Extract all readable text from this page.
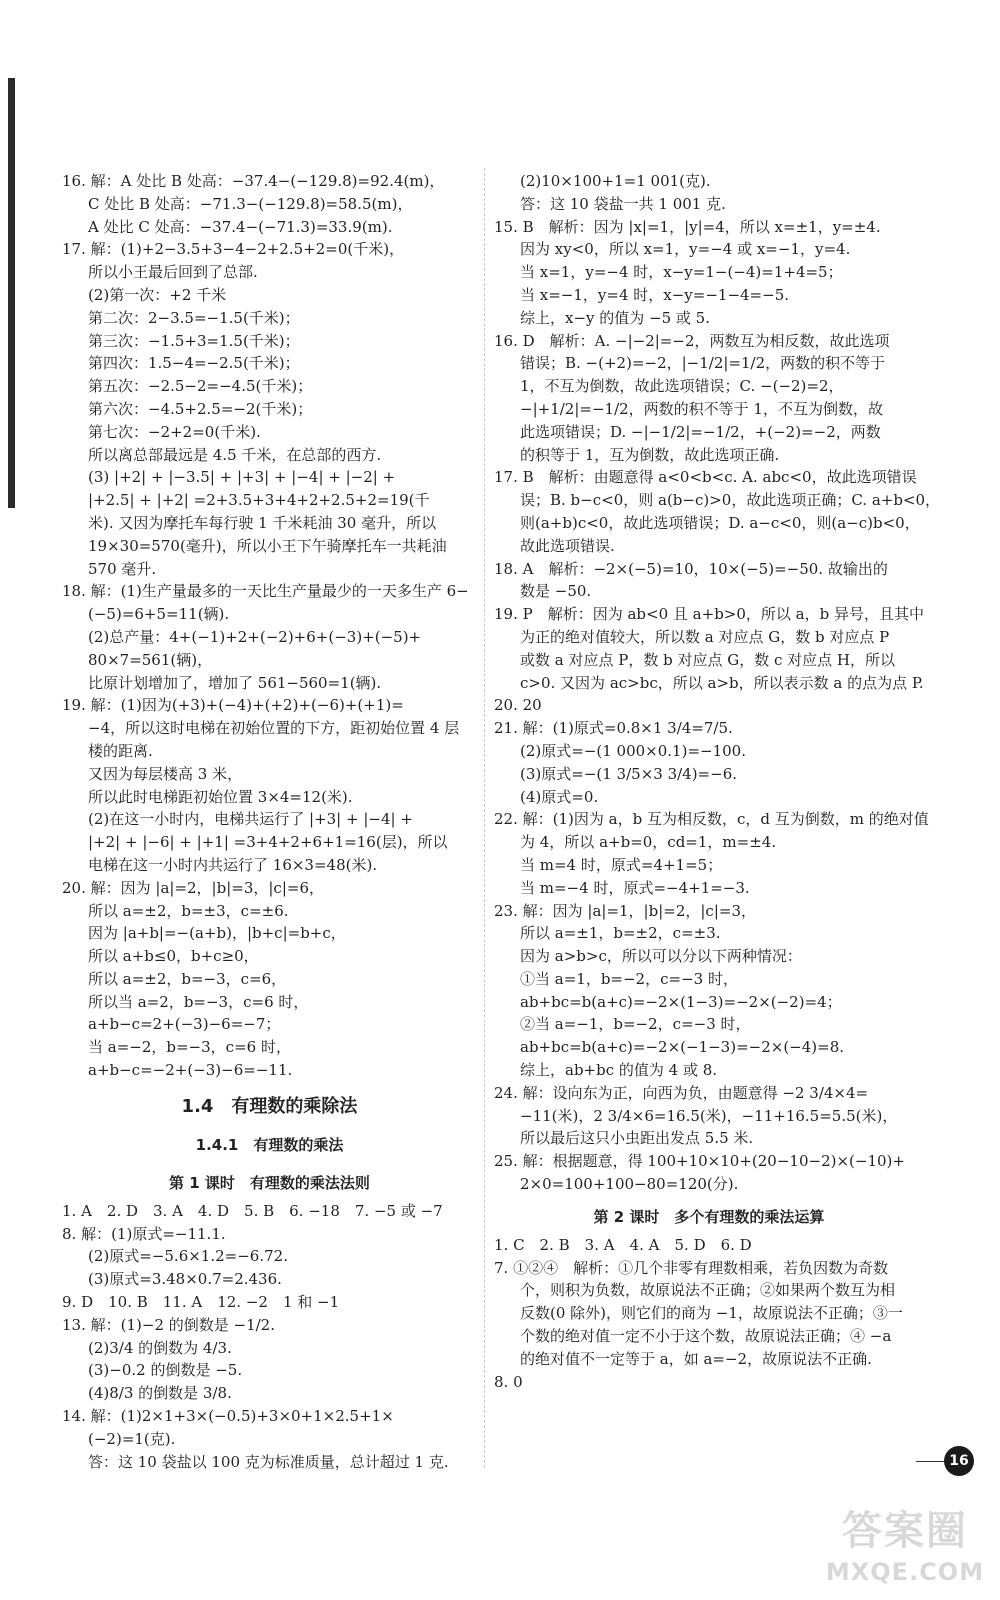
16. 解：A 处比 B 处高：−37.4−(−129.8)=92.4(m)，
C 处比 B 处高：−71.3−(−129.8)=58.5(m)，
A 处比 C 处高：−37.4−(−71.3)=33.9(m).
17. 解：(1)+2−3.5+3−4−2+2.5+2=0(千米)，
所以小王最后回到了总部.
(2)第一次：+2 千米
第二次：2−3.5=−1.5(千米)；
第三次：−1.5+3=1.5(千米)；
第四次：1.5−4=−2.5(千米)；
第五次：−2.5−2=−4.5(千米)；
第六次：−4.5+2.5=−2(千米)；
第七次：−2+2=0(千米).
所以离总部最远是 4.5 千米，在总部的西方.
(3) |+2| + |−3.5| + |+3| + |−4| + |−2| +
|+2.5| + |+2| =2+3.5+3+4+2+2.5+2=19(千
米). 又因为摩托车每行驶 1 千米耗油 30 毫升，所以
19×30=570(毫升)，所以小王下午骑摩托车一共耗油
570 毫升.
18. 解：(1)生产量最多的一天比生产量最少的一天多生产 6−
(−5)=6+5=11(辆).
(2)总产量：4+(−1)+2+(−2)+6+(−3)+(−5)+
80×7=561(辆)，
比原计划增加了，增加了 561−560=1(辆).
19. 解：(1)因为(+3)+(−4)+(+2)+(−6)+(+1)=
−4，所以这时电梯在初始位置的下方，距初始位置 4 层
楼的距离.
又因为每层楼高 3 米，
所以此时电梯距初始位置 3×4=12(米).
(2)在这一小时内，电梯共运行了 |+3| + |−4| +
|+2| + |−6| + |+1| =3+4+2+6+1=16(层)，所以
电梯在这一小时内共运行了 16×3=48(米).
20. 解：因为 |a|=2，|b|=3，|c|=6，
所以 a=±2，b=±3，c=±6.
因为 |a+b|=−(a+b)，|b+c|=b+c，
所以 a+b≤0，b+c≥0，
所以 a=±2，b=−3，c=6，
所以当 a=2，b=−3，c=6 时，
a+b−c=2+(−3)−6=−7；
当 a=−2，b=−3，c=6 时，
a+b−c=−2+(−3)−6=−11.
1.4　有理数的乘除法
1.4.1　有理数的乘法
第 1 课时　有理数的乘法法则
1. A　2. D　3. A　4. D　5. B　6. −18　7. −5 或 −7
8. 解：(1)原式=−11.1.
(2)原式=−5.6×1.2=−6.72.
(3)原式=3.48×0.7=2.436.
9. D　10. B　11. A　12. −2　1 和 −1
13. 解：(1)−2 的倒数是 −1/2.
(2)3/4 的倒数为 4/3.
(3)−0.2 的倒数是 −5.
(4)8/3 的倒数是 3/8.
14. 解：(1)2×1+3×(−0.5)+3×0+1×2.5+1×
(−2)=1(克).
答：这 10 袋盐以 100 克为标准质量，总计超过 1 克.
(2)10×100+1=1 001(克).
答：这 10 袋盐一共 1 001 克.
15. B　解析：因为 |x|=1，|y|=4，所以 x=±1，y=±4.
因为 xy<0，所以 x=1，y=−4 或 x=−1，y=4.
当 x=1，y=−4 时，x−y=1−(−4)=1+4=5；
当 x=−1，y=4 时，x−y=−1−4=−5.
综上，x−y 的值为 −5 或 5.
16. D　解析：A. −|−2|=−2，两数互为相反数，故此选项
错误；B. −(+2)=−2，|−1/2|=1/2，两数的积不等于
1，不互为倒数，故此选项错误；C. −(−2)=2，
−|+1/2|=−1/2，两数的积不等于 1，不互为倒数，故
此选项错误；D. −|−1/2|=−1/2，+(−2)=−2，两数
的积等于 1，互为倒数，故此选项正确.
17. B　解析：由题意得 a<0<b<c. A. abc<0，故此选项错误
误；B. b−c<0，则 a(b−c)>0，故此选项正确；C. a+b<0，
则(a+b)c<0，故此选项错误；D. a−c<0，则(a−c)b<0，
故此选项错误.
18. A　解析：−2×(−5)=10，10×(−5)=−50. 故输出的
数是 −50.
19. P　解析：因为 ab<0 且 a+b>0，所以 a，b 异号，且其中
为正的绝对值较大，所以数 a 对应点 G，数 b 对应点 P
或数 a 对应点 P，数 b 对应点 G，数 c 对应点 H，所以
c>0. 又因为 ac>bc，所以 a>b，所以表示数 a 的点为点 P.
20. 20
21. 解：(1)原式=0.8×1 3/4=7/5.
(2)原式=−(1 000×0.1)=−100.
(3)原式=−(1 3/5×3 3/4)=−6.
(4)原式=0.
22. 解：(1)因为 a，b 互为相反数，c，d 互为倒数，m 的绝对值
为 4，所以 a+b=0，cd=1，m=±4.
当 m=4 时，原式=4+1=5；
当 m=−4 时，原式=−4+1=−3.
23. 解：因为 |a|=1，|b|=2，|c|=3，
所以 a=±1，b=±2，c=±3.
因为 a>b>c，所以可以分以下两种情况：
①当 a=1，b=−2，c=−3 时，
ab+bc=b(a+c)=−2×(1−3)=−2×(−2)=4；
②当 a=−1，b=−2，c=−3 时，
ab+bc=b(a+c)=−2×(−1−3)=−2×(−4)=8.
综上，ab+bc 的值为 4 或 8.
24. 解：设向东为正，向西为负，由题意得 −2 3/4×4=
−11(米)，2 3/4×6=16.5(米)，−11+16.5=5.5(米)，
所以最后这只小虫距出发点 5.5 米.
25. 解：根据题意，得 100+10×10+(20−10−2)×(−10)+
2×0=100+100−80=120(分).
第 2 课时　多个有理数的乘法运算
1. C　2. B　3. A　4. A　5. D　6. D
7. ①②④　解析：①几个非零有理数相乘，若负因数为奇数
个，则积为负数，故原说法不正确；②如果两个数互为相
反数(0 除外)，则它们的商为 −1，故原说法不正确；③一
个数的绝对值一定不小于这个数，故原说法正确；④ −a
的绝对值不一定等于 a，如 a=−2，故原说法不正确.
8. 0
16
答案圈
MXQE.COM
